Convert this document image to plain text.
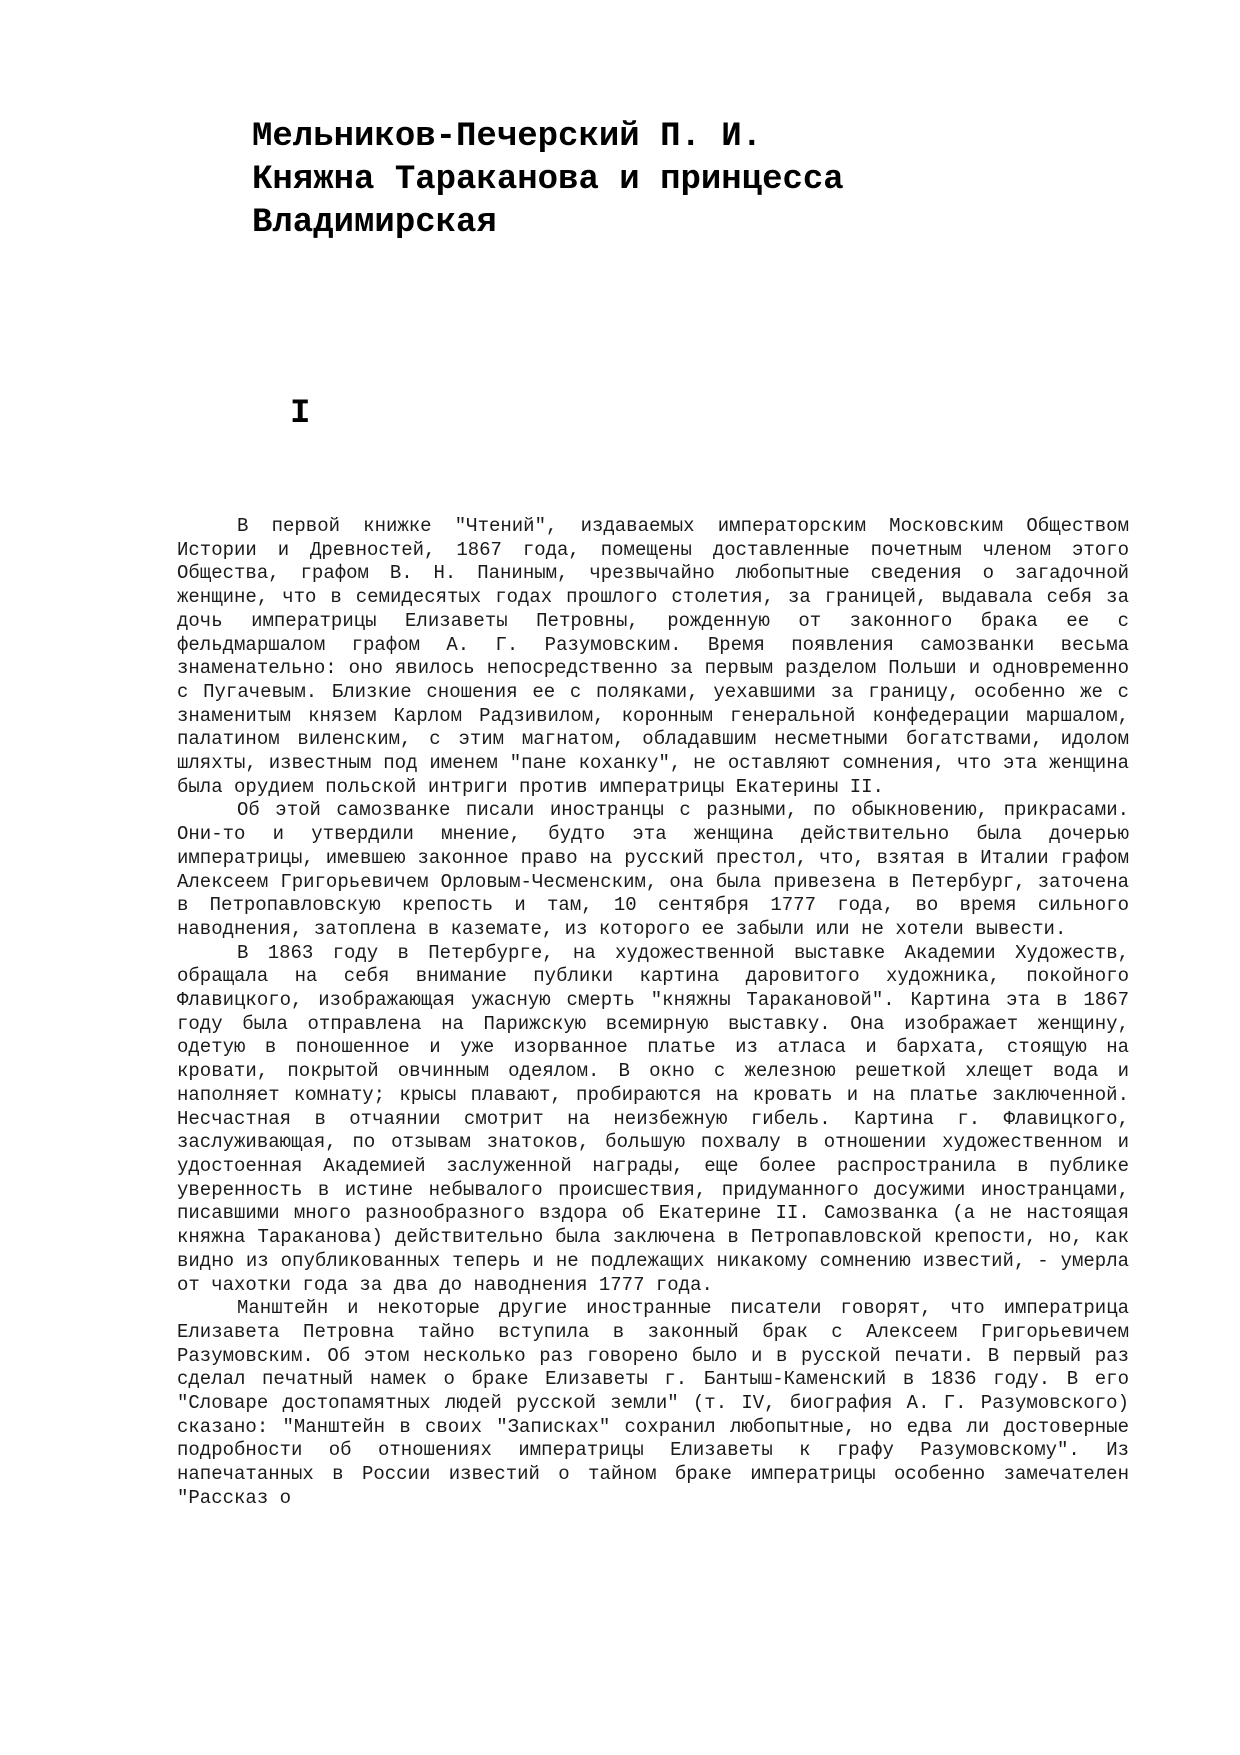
Мельников-Печерский П. И.
Княжна Тараканова и принцесса
Владимирская
I

В первой книжке "Чтений", издаваемых императорским Московским Обществом Истории и Древностей, 1867 года, помещены доставленные почетным членом этого Общества, графом В. Н. Паниным, чрезвычайно любопытные сведения о загадочной женщине, что в семидесятых годах прошлого столетия, за границей, выдавала себя за дочь императрицы Елизаветы Петровны, рожденную от законного брака ее с фельдмаршалом графом А. Г. Разумовским. Время появления самозванки весьма знаменательно: оно явилось непосредственно за первым разделом Польши и одновременно с Пугачевым. Близкие сношения ее с поляками, уехавшими за границу, особенно же с знаменитым князем Карлом Радзивилом, коронным генеральной конфедерации маршалом, палатином виленским, с этим магнатом, обладавшим несметными богатствами, идолом шляхты, известным под именем "пане коханку", не оставляют сомнения, что эта женщина была орудием польской интриги против императрицы Екатерины II.

Об этой самозванке писали иностранцы с разными, по обыкновению, прикрасами. Они-то и утвердили мнение, будто эта женщина действительно была дочерью императрицы, имевшею законное право на русский престол, что, взятая в Италии графом Алексеем Григорьевичем Орловым-Чесменским, она была привезена в Петербург, заточена в Петропавловскую крепость и там, 10 сентября 1777 года, во время сильного наводнения, затоплена в каземате, из которого ее забыли или не хотели вывести.

В 1863 году в Петербурге, на художественной выставке Академии Художеств, обращала на себя внимание публики картина даровитого художника, покойного Флавицкого, изображающая ужасную смерть "княжны Таракановой". Картина эта в 1867 году была отправлена на Парижскую всемирную выставку. Она изображает женщину, одетую в поношенное и уже изорванное платье из атласа и бархата, стоящую на кровати, покрытой овчинным одеялом. В окно с железною решеткой хлещет вода и наполняет комнату; крысы плавают, пробираются на кровать и на платье заключенной. Несчастная в отчаянии смотрит на неизбежную гибель. Картина г. Флавицкого, заслуживающая, по отзывам знатоков, большую похвалу в отношении художественном и удостоенная Академией заслуженной награды, еще более распространила в публике уверенность в истине небывалого происшествия, придуманного досужими иностранцами, писавшими много разнообразного вздора об Екатерине II. Самозванка (а не настоящая княжна Тараканова) действительно была заключена в Петропавловской крепости, но, как видно из опубликованных теперь и не подлежащих никакому сомнению известий, - умерла от чахотки года за два до наводнения 1777 года.

Манштейн и некоторые другие иностранные писатели говорят, что императрица Елизавета Петровна тайно вступила в законный брак с Алексеем Григорьевичем Разумовским. Об этом несколько раз говорено было и в русской печати. В первый раз сделал печатный намек о браке Елизаветы г. Бантыш-Каменский в 1836 году. В его "Словаре достопамятных людей русской земли" (т. IV, биография А. Г. Разумовского) сказано: "Манштейн в своих "Записках" сохранил любопытные, но едва ли достоверные подробности об отношениях императрицы Елизаветы к графу Разумовскому". Из напечатанных в России известий о тайном браке императрицы особенно замечателен "Рассказ о
